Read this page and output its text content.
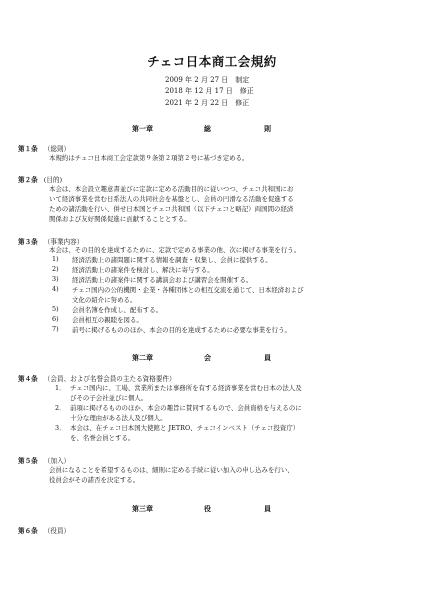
チェコ日本商工会規約
2009 年 2 月 27 日　制定
2018 年 12 月 17 日　修正
2021 年 2 月 22 日　修正
第一章	総	則
第１条 （総則）
本規約はチェコ日本商工会定款第９条第２項第２号に基づき定める。
第２条 (目的)
本会は、本会設立趣意書並びに定款に定める活動目的に従いつつ、チェコ共和国にお
いて経済事業を営む日系法人の共同社会を基盤とし、会員の円滑なる活動を促進する
ための諸活動を行い、併せ日本国とチェコ共和国（以下チェコと略記）両国間の経済
関係および友好関係促進に貢献することとする。
第３条 （事業内容）
本会は、その目的を達成するために、定款で定める事業の他、次に掲げる事業を行う。
1) 経済活動上の諸問題に関する情報を調査・収集し、会員に提供する。
2) 経済活動上の諸案件を検討し、解決に寄与する。
3) 経済活動上の諸案件に関する講演会および講習会を開催する。
4) チェコ国内の公的機関・企業・各種団体との相互交流を通じて、日本経済および
文化の紹介に努める。
5) 会員名簿を作成し、配布する。
6) 会員相互の親睦を図る。
7) 前号に掲げるもののほか、本会の目的を達成するために必要な事業を行う。
第二章	会	員
第４条 （会員、および名誉会員の主たる資格要件）
1． チェコ国内に、工場、営業所または事務所を有する経済事業を営む日本の法人及
びその子会社並びに個人。
2． 前項に掲げるもののほか、本会の趣旨に賛同するもので、会員資格を与えるのに
十分な理由がある法人及び個人。
3． 本会は、在チェコ日本国大使館と JETRO、チェコインベスト（チェコ投資庁）
を、名誉会員とする。
第５条 （加入）
会員になることを希望するものは、細則に定める手続に従い加入の申し込みを行い、
役員会がその諾否を決定する。
第三章	役	員
第６条 （役員）
